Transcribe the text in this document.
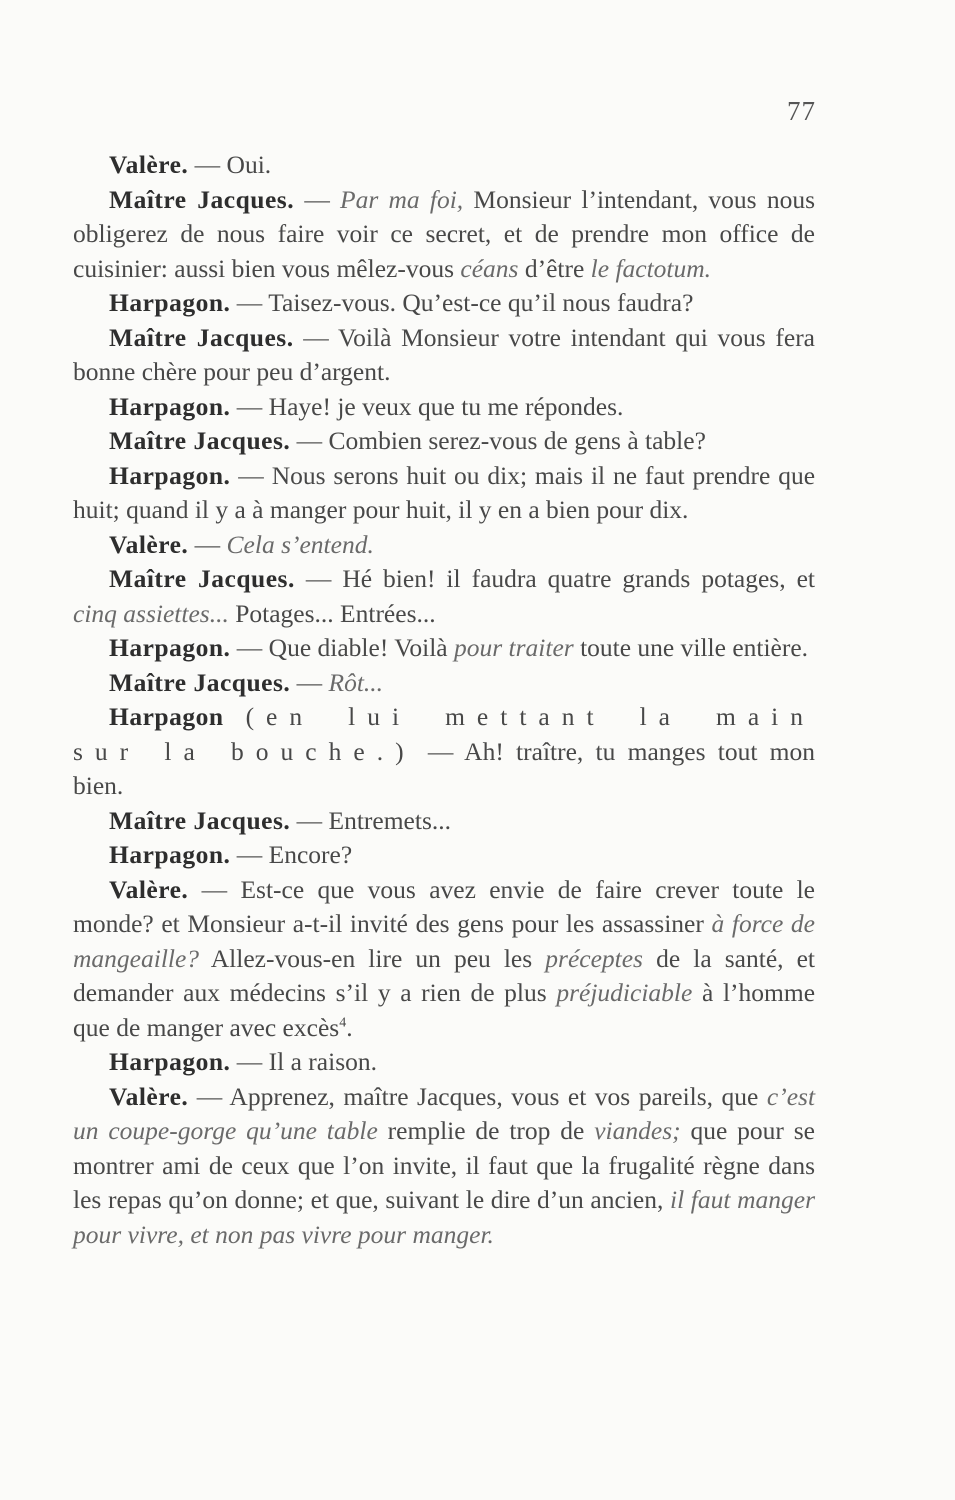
77

Valère. — Oui.

Maître Jacques. — Par ma foi, Monsieur l’intendant, vous nous obligerez de nous faire voir ce secret, et de prendre mon office de cuisinier: aussi bien vous mêlez-vous céans d’être le factotum.

Harpagon. — Taisez-vous. Qu’est-ce qu’il nous faudra?

Maître Jacques. — Voilà Monsieur votre intendant qui vous fera bonne chère pour peu d’argent.

Harpagon. — Haye! je veux que tu me répondes.

Maître Jacques. — Combien serez-vous de gens à table?

Harpagon. — Nous serons huit ou dix; mais il ne faut prendre que huit; quand il y a à manger pour huit, il y en a bien pour dix.

Valère. — Cela s’entend.

Maître Jacques. — Hé bien! il faudra quatre grands potages, et cinq assiettes... Potages... Entrées...

Harpagon. — Que diable! Voilà pour traiter toute une ville entière.

Maître Jacques. — Rôt...

Harpagon (en lui mettant la main sur la bouche.) — Ah! traître, tu manges tout mon bien.

Maître Jacques. — Entremets...

Harpagon. — Encore?

Valère. — Est-ce que vous avez envie de faire crever toute le monde? et Monsieur a-t-il invité des gens pour les assassiner à force de mangeaille? Allez-vous-en lire un peu les préceptes de la santé, et demander aux médecins s’il y a rien de plus préjudiciable à l’homme que de manger avec excès$^4$.

Harpagon. — Il a raison.

Valère. — Apprenez, maître Jacques, vous et vos pareils, que c’est un coupe-gorge qu’une table remplie de trop de viandes; que pour se montrer ami de ceux que l’on invite, il faut que la frugalité règne dans les repas qu’on donne; et que, suivant le dire d’un ancien, il faut manger pour vivre, et non pas vivre pour manger.
